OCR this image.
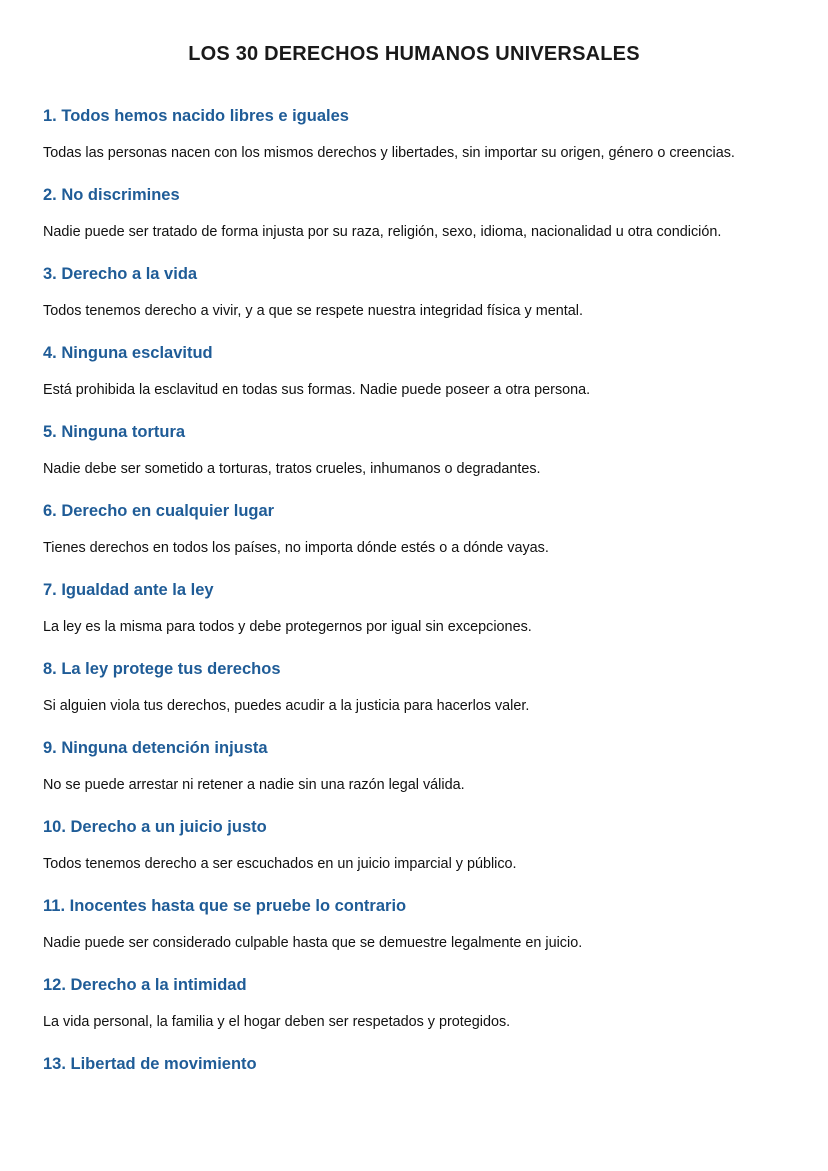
LOS 30 DERECHOS HUMANOS UNIVERSALES
1. Todos hemos nacido libres e iguales

Todas las personas nacen con los mismos derechos y libertades, sin importar su origen, género o creencias.

2. No discrimines

Nadie puede ser tratado de forma injusta por su raza, religión, sexo, idioma, nacionalidad u otra condición.

3. Derecho a la vida

Todos tenemos derecho a vivir, y a que se respete nuestra integridad física y mental.

4. Ninguna esclavitud

Está prohibida la esclavitud en todas sus formas. Nadie puede poseer a otra persona.

5. Ninguna tortura

Nadie debe ser sometido a torturas, tratos crueles, inhumanos o degradantes.

6. Derecho en cualquier lugar

Tienes derechos en todos los países, no importa dónde estés o a dónde vayas.

7. Igualdad ante la ley

La ley es la misma para todos y debe protegernos por igual sin excepciones.

8. La ley protege tus derechos

Si alguien viola tus derechos, puedes acudir a la justicia para hacerlos valer.

9. Ninguna detención injusta

No se puede arrestar ni retener a nadie sin una razón legal válida.

10. Derecho a un juicio justo

Todos tenemos derecho a ser escuchados en un juicio imparcial y público.

11. Inocentes hasta que se pruebe lo contrario

Nadie puede ser considerado culpable hasta que se demuestre legalmente en juicio.

12. Derecho a la intimidad

La vida personal, la familia y el hogar deben ser respetados y protegidos.

13. Libertad de movimiento
